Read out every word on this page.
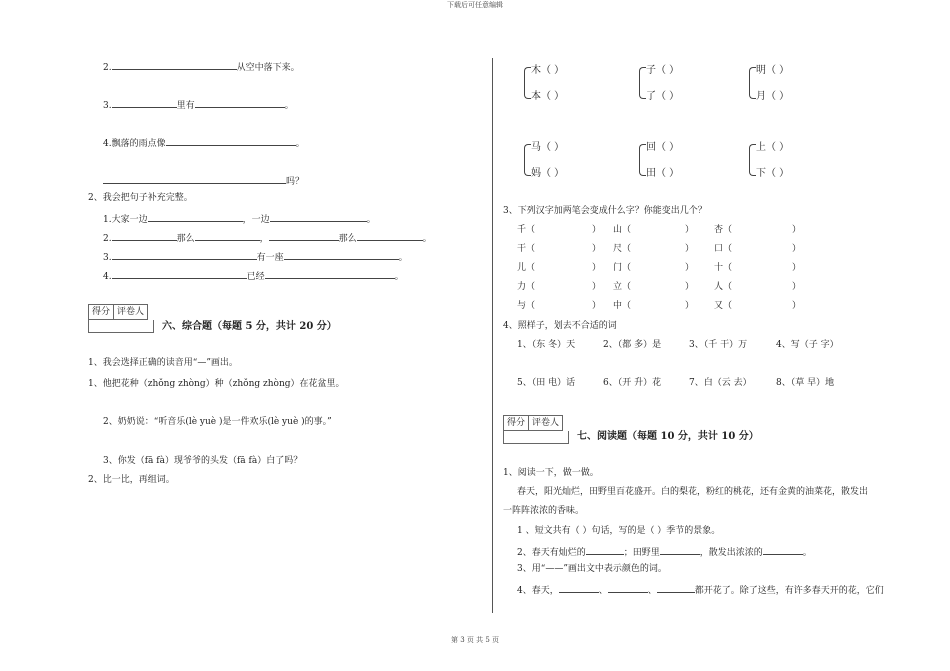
下载后可任意编辑
2.	从空中落下来。
3.	里有	。
4.飘落的雨点像	。
吗？
2、我会把句子补充完整。
1.大家一边	，一边	。
2.	那么	，	那么	。
3.	有一座	。
4.	已经	。
得分 评卷人
六、综合题（每题 5 分，共计 20 分）
1、我会选择正确的读音用“—”画出。
1、他把花种（zhǒng zhòng）种（zhǒng zhòng）在花盆里。
2、奶奶说：“听音乐(lè yuè )是一件欢乐(lè yuè )的事。”
3、你发（fā fà）现爷爷的头发（fā fà）白了吗？
2、比一比，再组词。
木（ ）
本（ ）
子（ ）
了（ ）
明（ ）
月（ ）
马（ ）
妈（ ）
回（ ）
田（ ）
上（ ）
下（ ）
3、下列汉字加两笔会变成什么字？你能变出几个？
千（	） 山（	） 杏（	）
干（	） 尺（	） 口（	）
儿（	） 门（	） 十（	）
力（	） 立（	） 人（	）
与（	） 中（	） 又（	）
4、照样子，划去不合适的词
1、（东 冬）天	2、（都 多）是	3、（千 干）万	4、写（子 字）
5、（田 电）话	6、（开 升）花	7、白（云 去）	8、（草 早）地
得分 评卷人
七、阅读题（每题 10 分，共计 10 分）
1、阅读一下，做一做。
春天，阳光灿烂，田野里百花盛开。白的梨花，粉红的桃花，还有金黄的油菜花，散发出
一阵阵浓浓的香味。
1 、短文共有（ ）句话，写的是（ ）季节的景象。
2、春天有灿烂的	；田野里	，散发出浓浓的	。
3、用“——”画出文中表示颜色的词。
4、春天，	、	、	都开花了。除了这些，有许多春天开的花，它们
第 3 页 共 5 页
